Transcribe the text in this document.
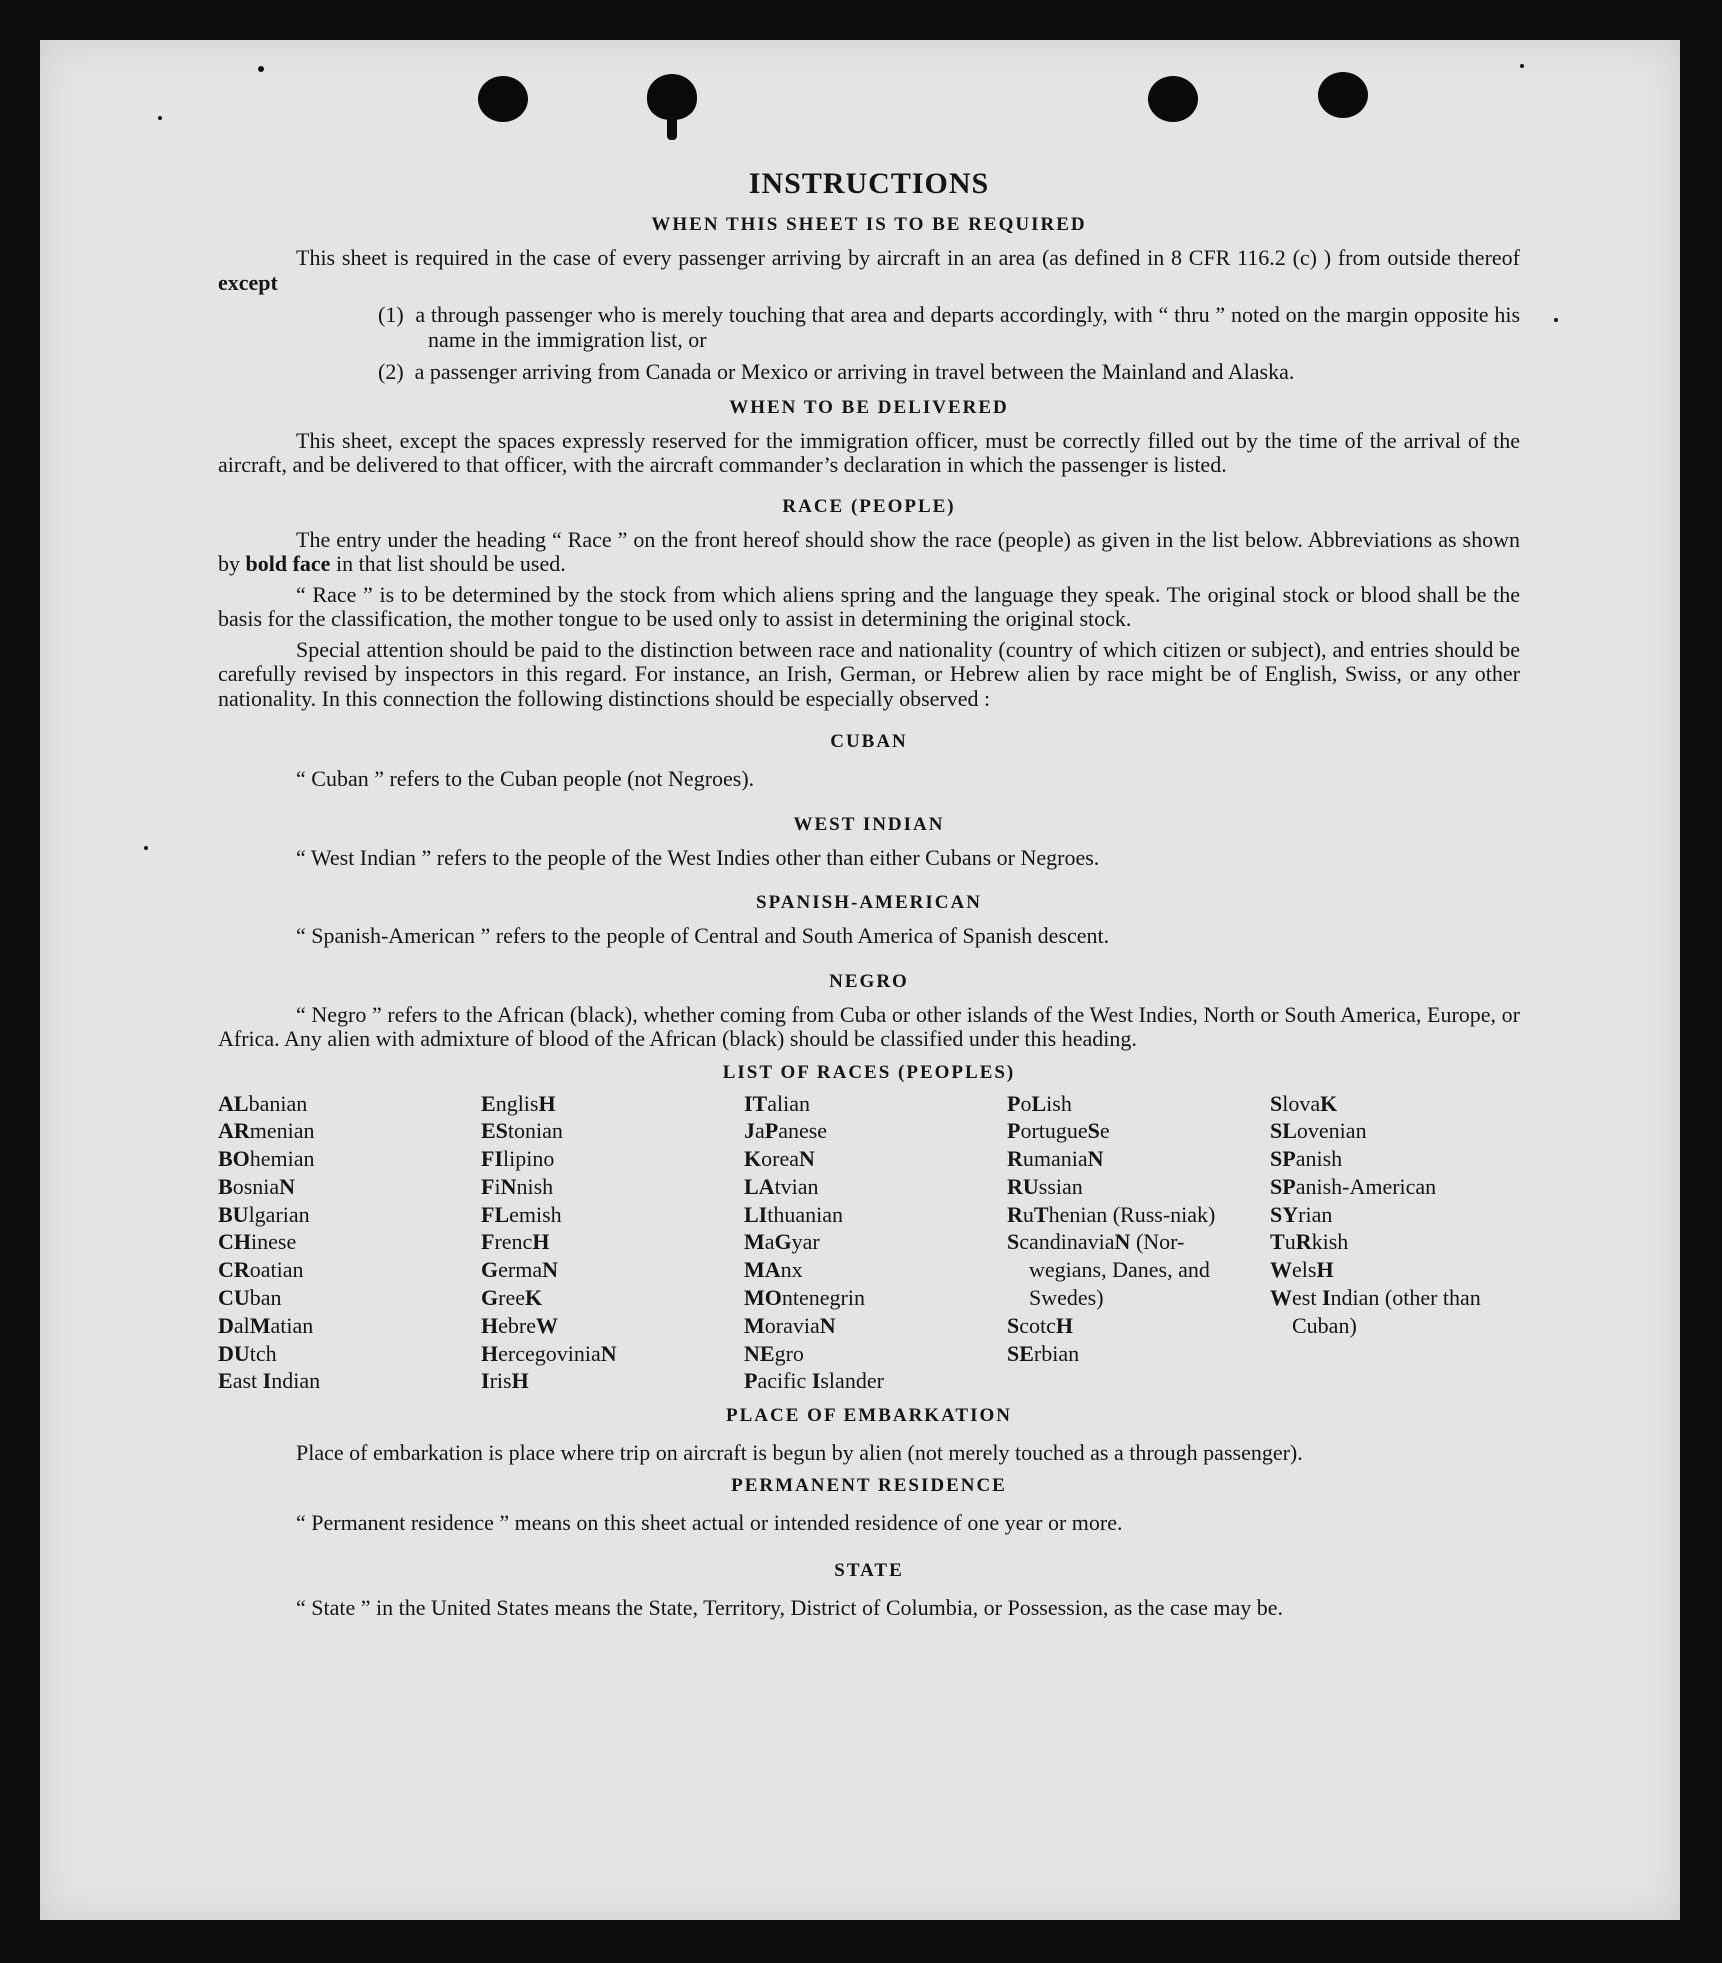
INSTRUCTIONS
WHEN THIS SHEET IS TO BE REQUIRED

This sheet is required in the case of every passenger arriving by aircraft in an area (as defined in 8 CFR 116.2 (c) ) from outside thereof except

(1) a through passenger who is merely touching that area and departs accordingly, with “ thru ” noted on the margin opposite his name in the immigration list, or
(2) a passenger arriving from Canada or Mexico or arriving in travel between the Mainland and Alaska.
WHEN TO BE DELIVERED

This sheet, except the spaces expressly reserved for the immigration officer, must be correctly filled out by the time of the arrival of the aircraft, and be delivered to that officer, with the aircraft commander’s declaration in which the passenger is listed.

RACE (PEOPLE)

The entry under the heading “ Race ” on the front hereof should show the race (people) as given in the list below. Abbreviations as shown by bold face in that list should be used.

“ Race ” is to be determined by the stock from which aliens spring and the language they speak. The original stock or blood shall be the basis for the classification, the mother tongue to be used only to assist in determining the original stock.

Special attention should be paid to the distinction between race and nationality (country of which citizen or subject), and entries should be carefully revised by inspectors in this regard. For instance, an Irish, German, or Hebrew alien by race might be of English, Swiss, or any other nationality. In this connection the following distinctions should be especially observed :

CUBAN

“ Cuban ” refers to the Cuban people (not Negroes).

WEST INDIAN

“ West Indian ” refers to the people of the West Indies other than either Cubans or Negroes.

SPANISH-AMERICAN

“ Spanish-American ” refers to the people of Central and South America of Spanish descent.

NEGRO

“ Negro ” refers to the African (black), whether coming from Cuba or other islands of the West Indies, North or South America, Europe, or Africa. Any alien with admixture of blood of the African (black) should be classified under this heading.

LIST OF RACES (PEOPLES)
ALbanian
ARmenian
BOhemian
BosniaN
BUlgarian
CHinese
CRoatian
CUban
DalMatian
DUtch
East Indian
EnglisH
EStonian
FIlipino
FiNnish
FLemish
FrencH
GermaN
GreeK
HebreW
HercegoviniaN
IrisH
ITalian
JaPanese
KoreaN
LAtvian
LIthuanian
MaGyar
MAnx
MOntenegrin
MoraviaN
NEgro
Pacific Islander
PoLish
PortugueSe
RumaniaN
RUssian
RuThenian (Russ-niak)
ScandinaviaN (Nor-wegians, Danes, and Swedes)
ScotcH
SErbian
SlovaK
SLovenian
SPanish
SPanish-American
SYrian
TuRkish
WelsH
West Indian (other than Cuban)
PLACE OF EMBARKATION

Place of embarkation is place where trip on aircraft is begun by alien (not merely touched as a through passenger).

PERMANENT RESIDENCE

“ Permanent residence ” means on this sheet actual or intended residence of one year or more.

STATE

“ State ” in the United States means the State, Territory, District of Columbia, or Possession, as the case may be.
